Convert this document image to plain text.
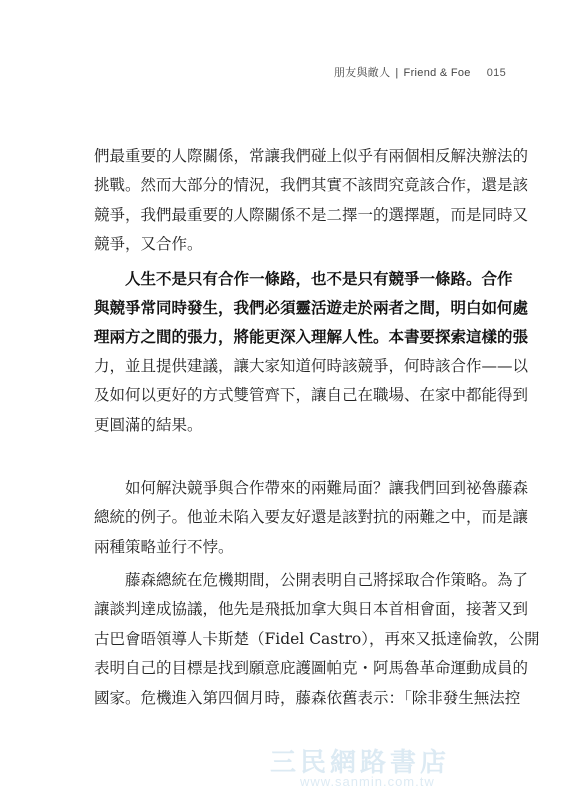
朋友與敵人 | Friend & Foe 015
們最重要的人際關係，常讓我們碰上似乎有兩個相反解決辦法的
挑戰。然而大部分的情況，我們其實不該問究竟該合作，還是該
競爭，我們最重要的人際關係不是二擇一的選擇題，而是同時又
競爭，又合作。
人生不是只有合作一條路，也不是只有競爭一條路。合作
與競爭常同時發生，我們必須靈活遊走於兩者之間，明白如何處
理兩方之間的張力，將能更深入理解人性。本書要探索這樣的張
力，並且提供建議，讓大家知道何時該競爭，何時該合作——以
及如何以更好的方式雙管齊下，讓自己在職場、在家中都能得到
更圓滿的結果。
如何解決競爭與合作帶來的兩難局面？讓我們回到祕魯藤森
總統的例子。他並未陷入要友好還是該對抗的兩難之中，而是讓
兩種策略並行不悖。
藤森總統在危機期間，公開表明自己將採取合作策略。為了
讓談判達成協議，他先是飛抵加拿大與日本首相會面，接著又到
古巴會晤領導人卡斯楚（Fidel Castro），再來又抵達倫敦，公開
表明自己的目標是找到願意庇護圖帕克・阿馬魯革命運動成員的
國家。危機進入第四個月時，藤森依舊表示：「除非發生無法控
三民網路書店
www.sanmin.com.tw
